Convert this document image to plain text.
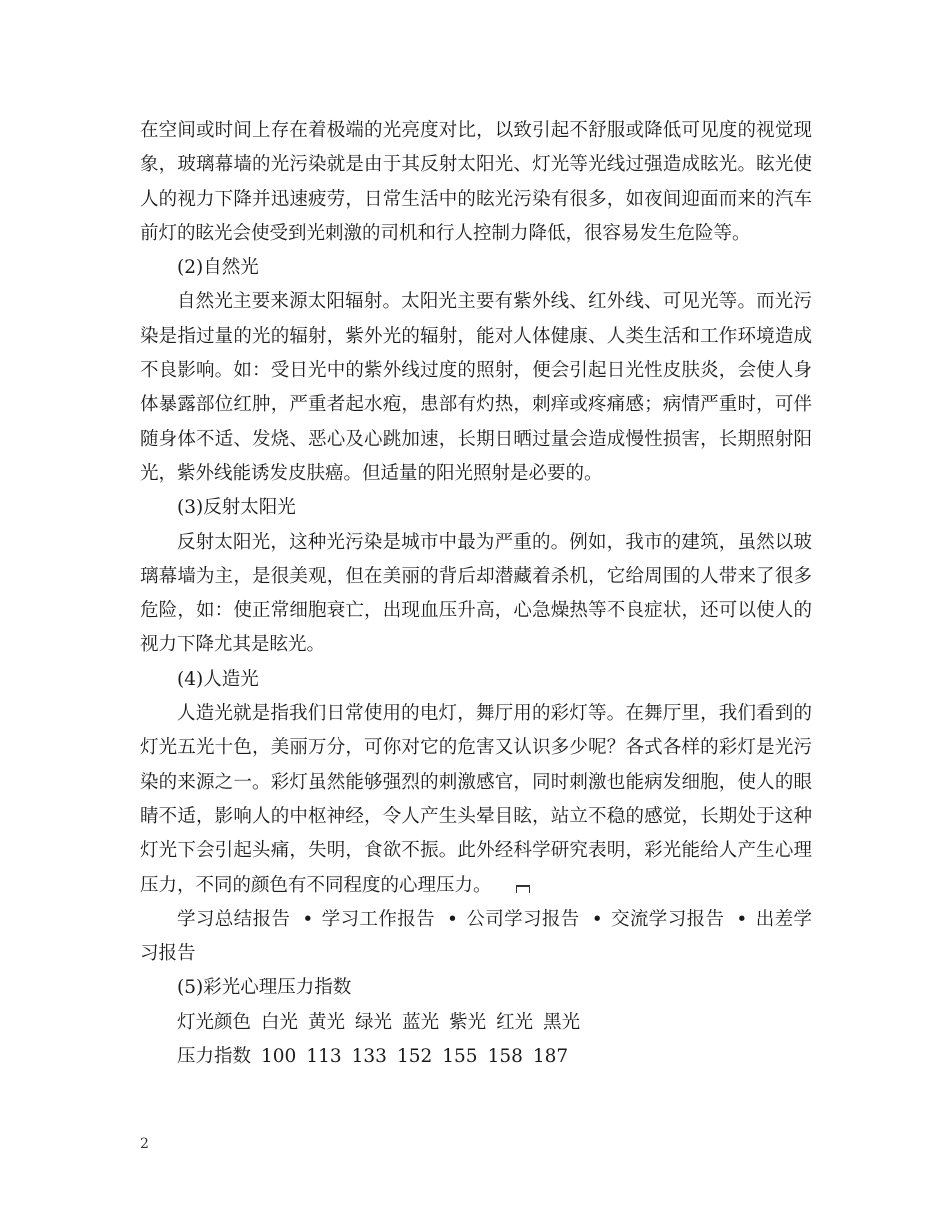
在空间或时间上存在着极端的光亮度对比，以致引起不舒服或降低可见度的视觉现象，玻璃幕墙的光污染就是由于其反射太阳光、灯光等光线过强造成眩光。眩光使人的视力下降并迅速疲劳，日常生活中的眩光污染有很多，如夜间迎面而来的汽车前灯的眩光会使受到光刺激的司机和行人控制力降低，很容易发生危险等。

(2)自然光

自然光主要来源太阳辐射。太阳光主要有紫外线、红外线、可见光等。而光污染是指过量的光的辐射，紫外光的辐射，能对人体健康、人类生活和工作环境造成不良影响。如：受日光中的紫外线过度的照射，便会引起日光性皮肤炎，会使人身体暴露部位红肿，严重者起水疱，患部有灼热，刺痒或疼痛感；病情严重时，可伴随身体不适、发烧、恶心及心跳加速，长期日晒过量会造成慢性损害，长期照射阳光，紫外线能诱发皮肤癌。但适量的阳光照射是必要的。

(3)反射太阳光

反射太阳光，这种光污染是城市中最为严重的。例如，我市的建筑，虽然以玻璃幕墙为主，是很美观，但在美丽的背后却潜藏着杀机，它给周围的人带来了很多危险，如：使正常细胞衰亡，出现血压升高，心急燥热等不良症状，还可以使人的视力下降尤其是眩光。

(4)人造光

人造光就是指我们日常使用的电灯，舞厅用的彩灯等。在舞厅里，我们看到的灯光五光十色，美丽万分，可你对它的危害又认识多少呢？各式各样的彩灯是光污染的来源之一。彩灯虽然能够强烈的刺激感官，同时刺激也能病发细胞，使人的眼睛不适，影响人的中枢神经，令人产生头晕目眩，站立不稳的感觉，长期处于这种灯光下会引起头痛，失明，食欲不振。此外经科学研究表明，彩光能给人产生心理压力，不同的颜色有不同程度的心理压力。

学习总结报告 • 学习工作报告 • 公司学习报告 • 交流学习报告 • 出差学习报告

(5)彩光心理压力指数

灯光颜色 白光 黄光 绿光 蓝光 紫光 红光 黑光

压力指数 100 113 133 152 155 158 187

2
